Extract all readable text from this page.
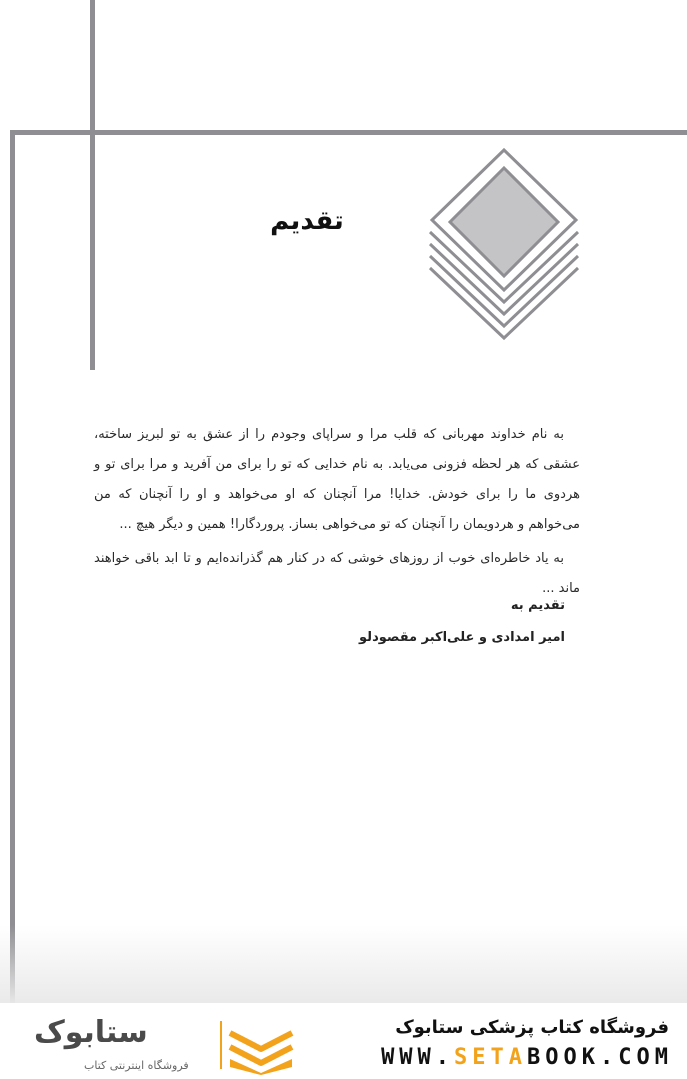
تقدیم

به نام خداوند مهربانی که قلب مرا و سراپای وجودم را از عشق به تو لبریز ساخته، عشقی که هر لحظه فزونی می‌یابد. به نام خدایی که تو را برای من آفرید و مرا برای تو و هردوی ما را برای خودش. خدایا! مرا آنچنان که او می‌خواهد و او را آنچنان که من می‌خواهم و هردویمان را آنچنان که تو می‌خواهی بساز. پروردگارا! همین و دیگر هیچ ...

به یاد خاطره‌ای خوب از روزهای خوشی که در کنار هم گذرانده‌ایم و تا ابد باقی خواهند ماند ...

تقدیم به
امیر امدادی و علی‌اکبر مقصودلو
فروشگاه کتاب پزشکی ستابوک
WWW.SETABOOK.COM
ستابوک
فروشگاه اینترنتی کتاب
